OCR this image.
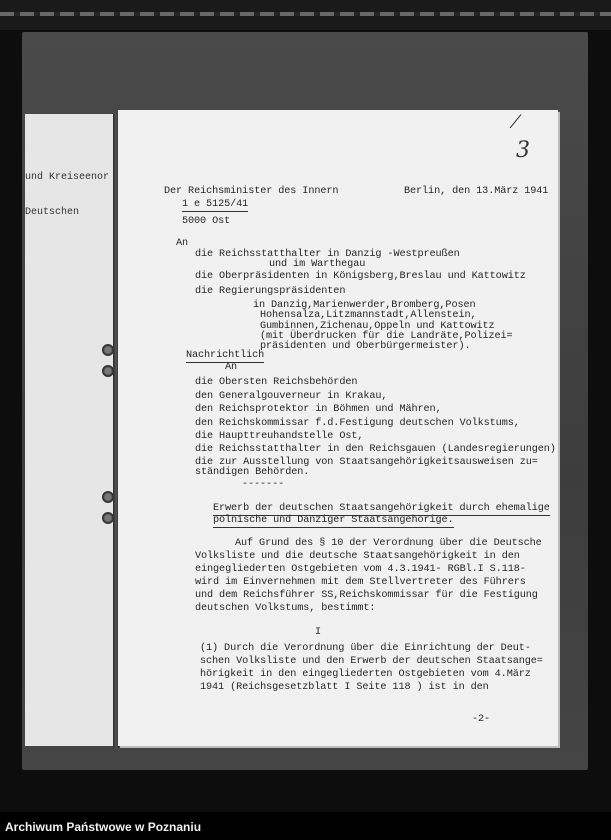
und Kreiseenor
Deutschen
⁄
3
Der Reichsminister des Innern	Berlin, den 13.März 1941
1 e 5125/41
5000 Ost
An
die Reichsstatthalter in Danzig -Westpreußen
und im Warthegau
die Oberpräsidenten in Königsberg,Breslau und Kattowitz
die Regierungspräsidenten
in Danzig,Marienwerder,Bromberg,Posen
Hohensalza,Litzmannstadt,Allenstein,
Gumbinnen,Zichenau,Oppeln und Kattowitz
(mit Überdrucken für die Landräte,Polizei=
präsidenten und Oberbürgermeister).
Nachrichtlich
An
die Obersten Reichsbehörden
den Generalgouverneur in Krakau,
den Reichsprotektor in Böhmen und Mähren,
den Reichskommissar f.d.Festigung deutschen Volkstums,
die Haupttreuhandstelle Ost,
die Reichsstatthalter in den Reichsgauen (Landesregierungen)
die zur Ausstellung von Staatsangehörigkeitsausweisen zu=
ständigen Behörden.
-------
Erwerb der deutschen Staatsangehörigkeit durch ehemalige
polnische und Danziger Staatsangehörige.
Auf Grund des § 10 der Verordnung über die Deutsche
Volksliste und die deutsche Staatsangehörigkeit in den
eingegliederten Ostgebieten vom 4.3.1941- RGBl.I S.118-
wird im Einvernehmen mit dem Stellvertreter des Führers
und dem Reichsführer SS,Reichskommissar für die Festigung
deutschen Volkstums, bestimmt:
I
(1) Durch die Verordnung über die Einrichtung der Deut-
schen Volksliste und den Erwerb der deutschen Staatsange=
hörigkeit in den eingegliederten Ostgebieten vom 4.März
1941 (Reichsgesetzblatt I Seite 118 ) ist in den
-2-
Archiwum Państwowe w Poznaniu
